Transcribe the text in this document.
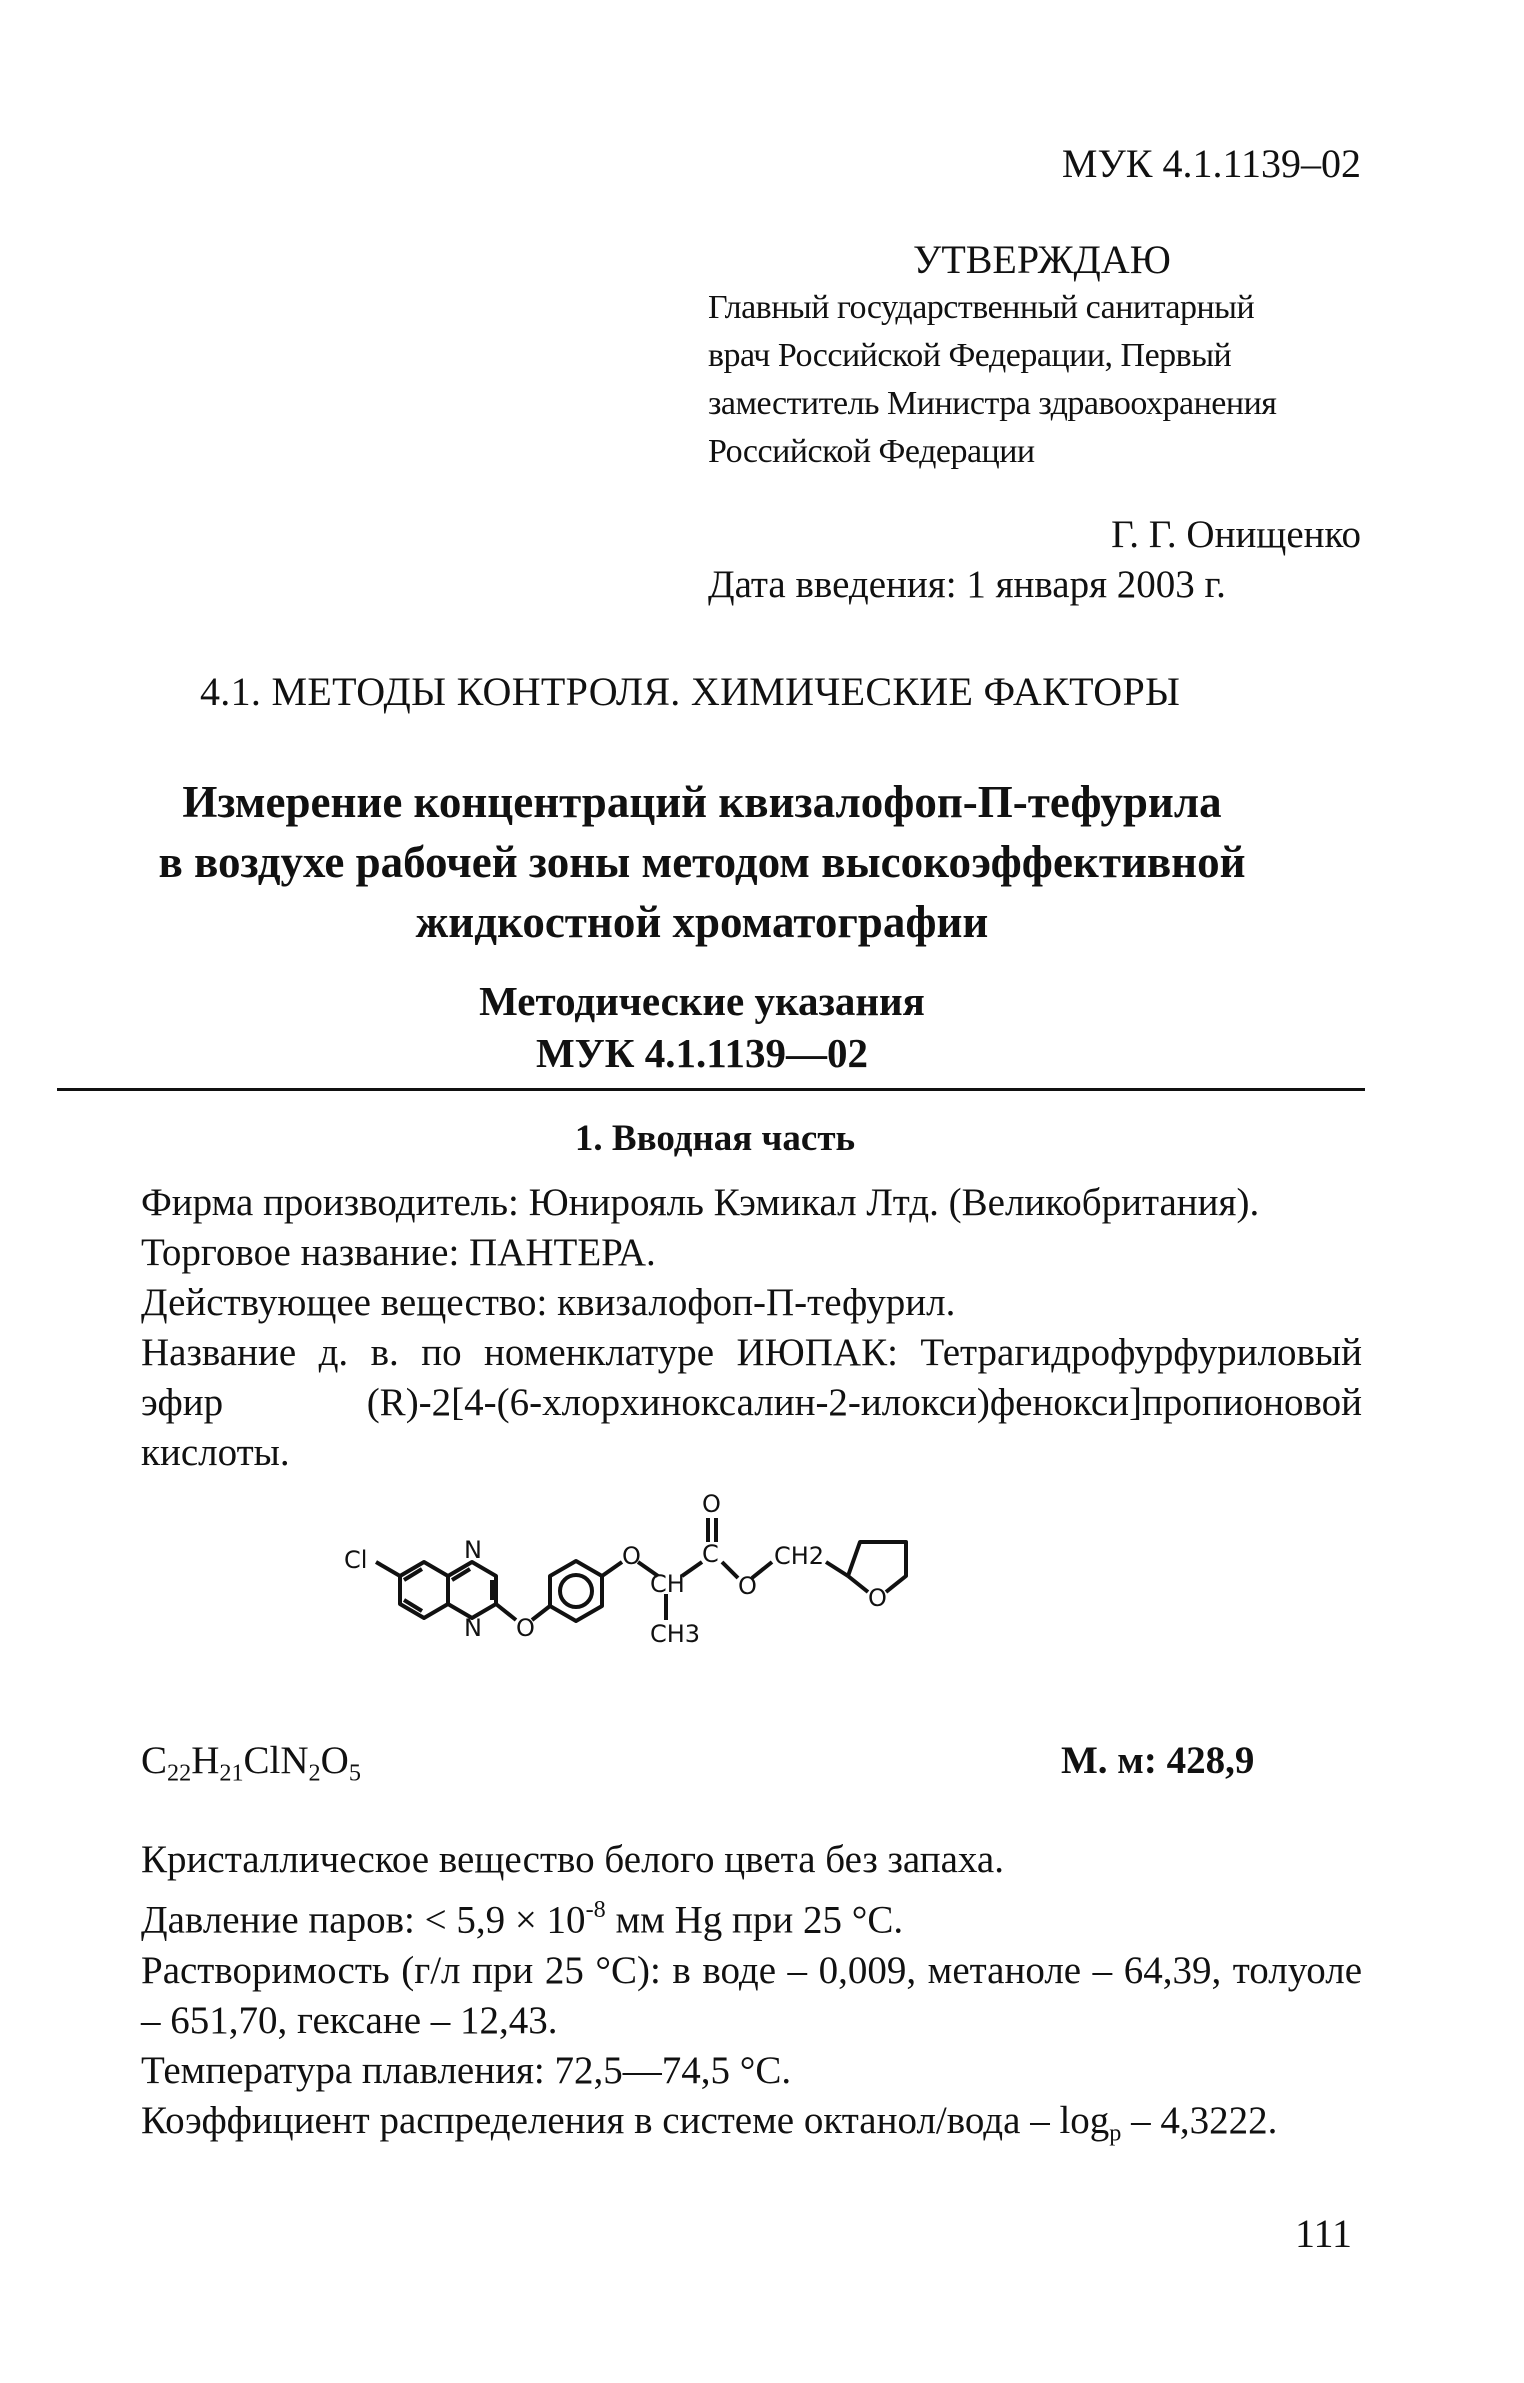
МУК 4.1.1139–02
УТВЕРЖДАЮ
Главный государственный санитарный
врач Российской Федерации, Первый
заместитель Министра здравоохранения
Российской Федерации
Г. Г. Онищенко
Дата введения: 1 января 2003 г.
4.1. МЕТОДЫ КОНТРОЛЯ. ХИМИЧЕСКИЕ ФАКТОРЫ
Измерение концентраций квизалофоп-П-тефурила
в воздухе рабочей зоны методом высокоэффективной
жидкостной хроматографии
Методические указания
МУК 4.1.1139—02
1. Вводная часть

Фирма производитель: Юнирояль Кэмикал Лтд. (Великобритания).

Торговое название: ПАНТЕРА.

Действующее вещество: квизалофоп-П-тефурил.

Название д. в. по номенклатуре ИЮПАК: Тетрагидрофурфуриловый эфир (R)-2[4-(6-хлорхиноксалин-2-илокси)фенокси]пропионовой кислоты.

Cl	N
N O
O
CH
C
O
O
CH2
O
CH3
$C_{22}H_{21}ClN_2O_5$	М. м: 428,9

Кристаллическое вещество белого цвета без запаха.

Давление паров: < $5,9 \times 10^{-8}$ мм Hg при 25 °С.

Растворимость (г/л при 25 °С): в воде – 0,009, метаноле – 64,39, толуоле – 651,70, гексане – 12,43.

Температура плавления: 72,5—74,5 °С.

Коэффициент распределения в системе октанол/вода – $\log_p - 4,3222$.

111
